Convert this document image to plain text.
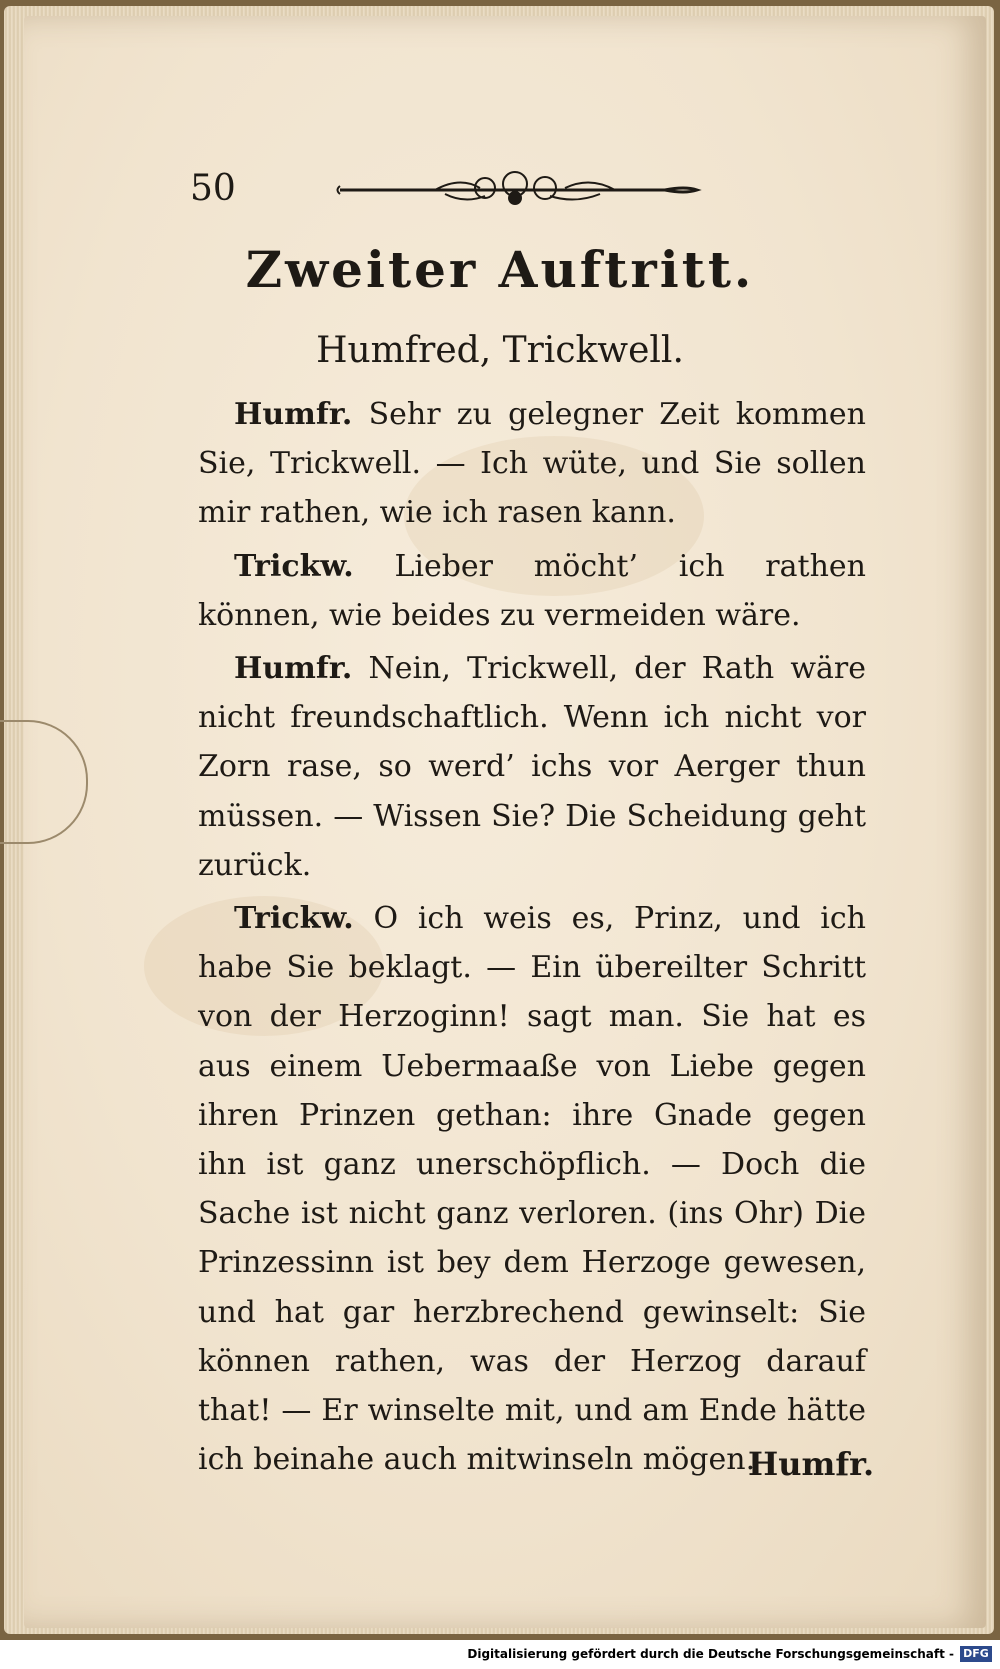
50
Zweiter Auftritt.
Humfred, Trickwell.

Humfr. Sehr zu gelegner Zeit kommen Sie, Trickwell. — Ich wüte, und Sie sollen mir rathen, wie ich rasen kann.

Trickw. Lieber möcht’ ich rathen können, wie beides zu vermeiden wäre.

Humfr. Nein, Trickwell, der Rath wäre nicht freundschaftlich. Wenn ich nicht vor Zorn rase, so werd’ ichs vor Aerger thun müssen. — Wissen Sie? Die Scheidung geht zurück.

Trickw. O ich weis es, Prinz, und ich habe Sie beklagt. — Ein übereilter Schritt von der Herzoginn! sagt man. Sie hat es aus einem Uebermaaße von Liebe gegen ihren Prinzen gethan: ihre Gnade gegen ihn ist ganz unerschöpflich. — Doch die Sache ist nicht ganz verloren. (ins Ohr) Die Prinzessinn ist bey dem Herzoge gewesen, und hat gar herzbrechend gewinselt: Sie können rathen, was der Herzog darauf that! — Er winselte mit, und am Ende hätte ich beinahe auch mitwinseln mögen.

Humfr.
Digitalisierung gefördert durch die Deutsche Forschungsgemeinschaft - DFG
